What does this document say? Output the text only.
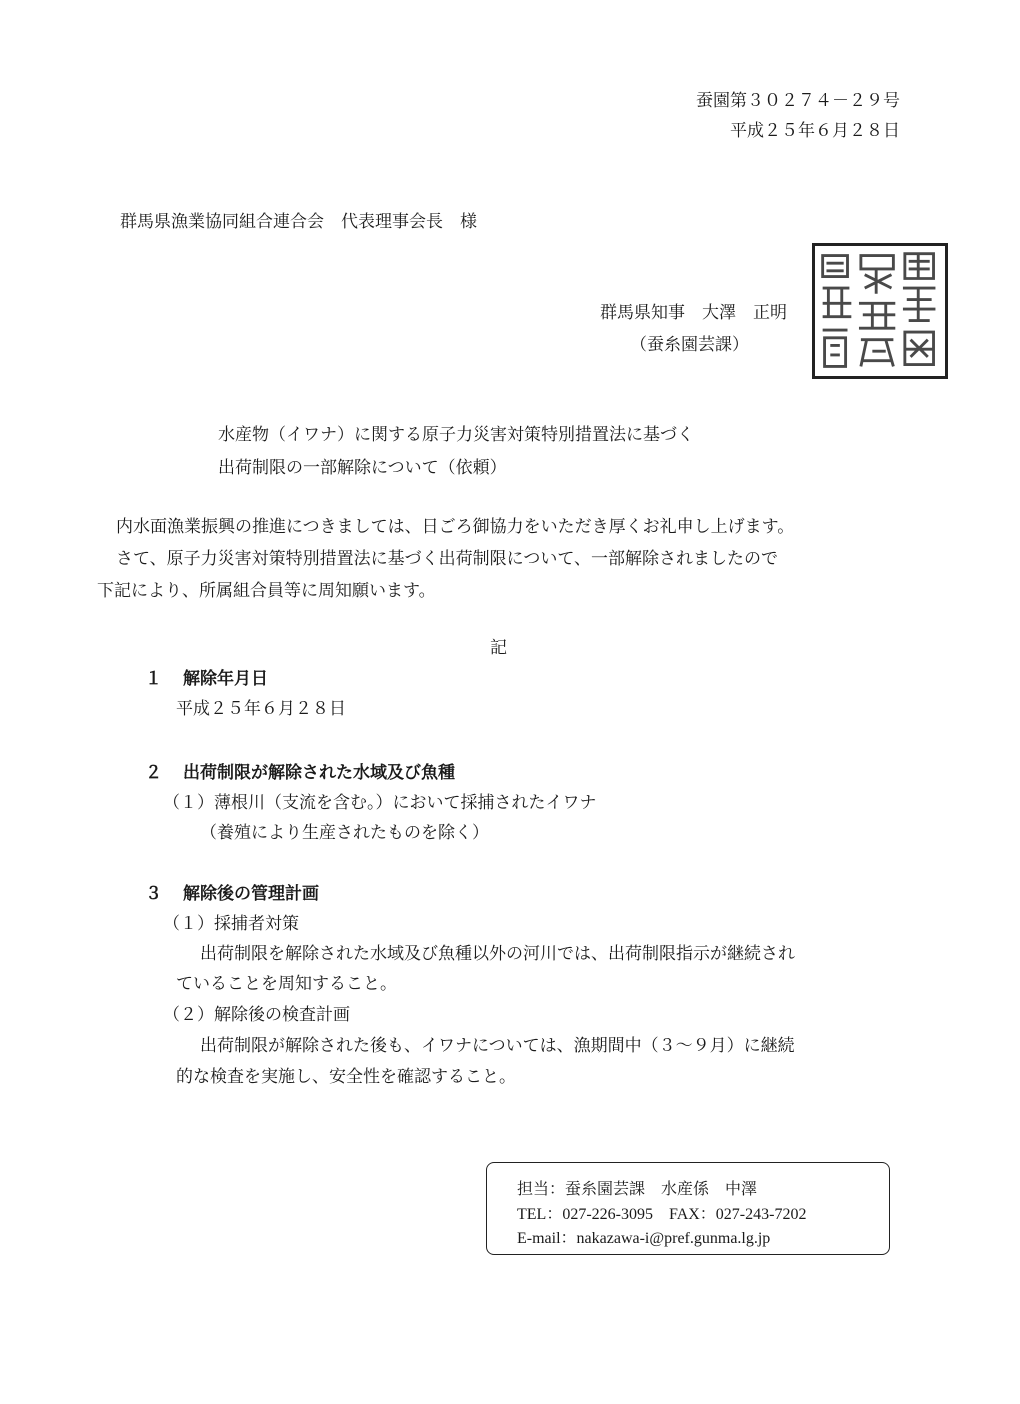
蚕園第３０２７４－２９号
平成２５年６月２８日
群馬県漁業協同組合連合会　代表理事会長　様
群馬県知事　大澤　正明
（蚕糸園芸課）
水産物（イワナ）に関する原子力災害対策特別措置法に基づく
出荷制限の一部解除について（依頼）
内水面漁業振興の推進につきましては、日ごろ御協力をいただき厚くお礼申し上げます。
さて、原子力災害対策特別措置法に基づく出荷制限について、一部解除されましたので
下記により、所属組合員等に周知願います。
記
１ 解除年月日
平成２５年６月２８日
２ 出荷制限が解除された水域及び魚種
（１）薄根川（支流を含む。）において採捕されたイワナ
（養殖により生産されたものを除く）
３ 解除後の管理計画
（１）採捕者対策
出荷制限を解除された水域及び魚種以外の河川では、出荷制限指示が継続され
ていることを周知すること。
（２）解除後の検査計画
出荷制限が解除された後も、イワナについては、漁期間中（３～９月）に継続
的な検査を実施し、安全性を確認すること。
担当：蚕糸園芸課　水産係　中澤
TEL：027-226-3095　FAX：027-243-7202
E-mail：nakazawa-i@pref.gunma.lg.jp
